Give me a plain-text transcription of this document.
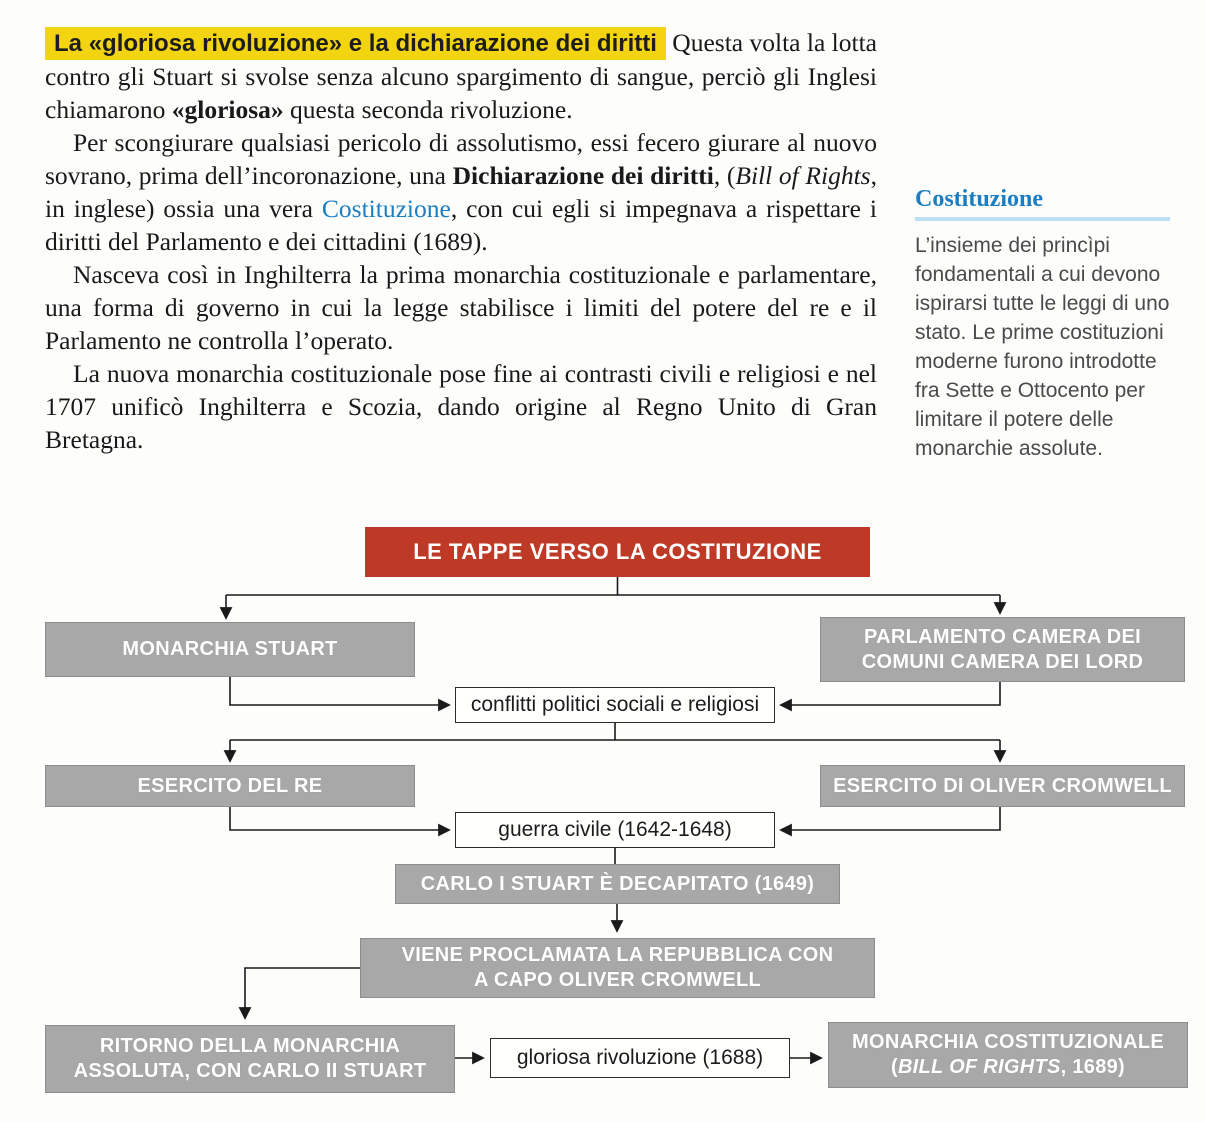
La «gloriosa rivoluzione» e la dichiarazione dei diritti Questa volta la lotta contro gli Stuart si svolse senza alcuno spargimento di sangue, perciò gli Inglesi chiamarono «gloriosa» questa seconda rivoluzione.

Per scongiurare qualsiasi pericolo di assolutismo, essi fecero giurare al nuovo sovrano, prima dell’incoronazione, una Dichiarazione dei diritti, (Bill of Rights, in inglese) ossia una vera Costituzione, con cui egli si impegnava a rispettare i diritti del Parlamento e dei cittadini (1689).

Nasceva così in Inghilterra la prima monarchia costituzionale e parlamentare, una forma di governo in cui la legge stabilisce i limiti del potere del re e il Parlamento ne controlla l’operato.

La nuova monarchia costituzionale pose fine ai contrasti civili e religiosi e nel 1707 unificò Inghilterra e Scozia, dando origine al Regno Unito di Gran Bretagna.

Costituzione

L’insieme dei princìpi fondamentali a cui devono ispirarsi tutte le leggi di uno stato. Le prime costituzioni moderne furono introdotte fra Sette e Ottocento per limitare il potere delle monarchie assolute.

LE TAPPE VERSO LA COSTITUZIONE
MONARCHIA STUART
PARLAMENTO CAMERA DEI
COMUNI CAMERA DEI LORD
conflitti politici sociali e religiosi
ESERCITO DEL RE	ESERCITO DI OLIVER CROMWELL
guerra civile (1642-1648)
CARLO I STUART È DECAPITATO (1649)
VIENE PROCLAMATA LA REPUBBLICA CON
A CAPO OLIVER CROMWELL
RITORNO DELLA MONARCHIA
ASSOLUTA, CON CARLO II STUART
gloriosa rivoluzione (1688)
MONARCHIA COSTITUZIONALE
(BILL OF RIGHTS, 1689)
